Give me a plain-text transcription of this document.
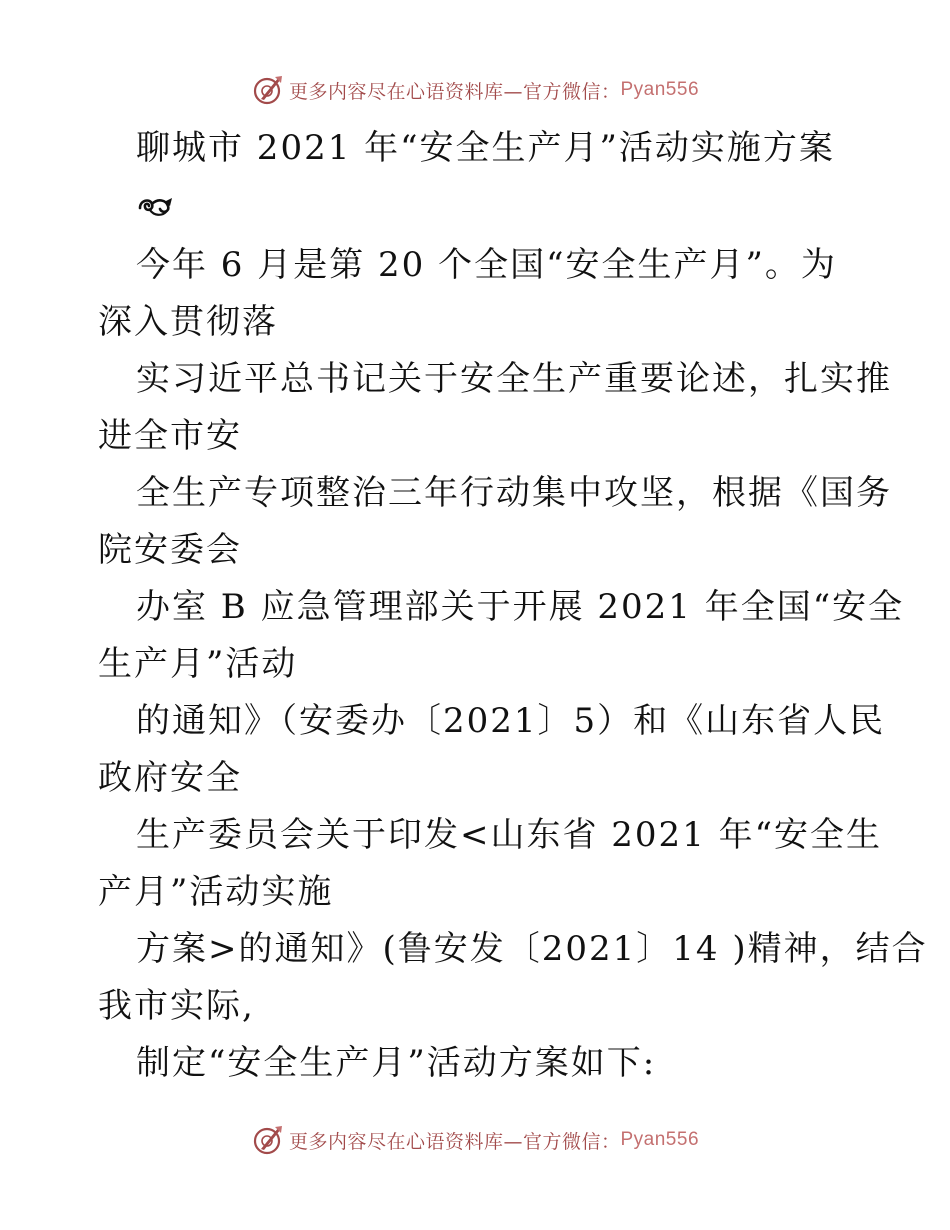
更多内容尽在心语资料库—官方微信： Pyan556
聊城市 2021 年“安全生产月”活动实施方案
今年 6 月是第 20 个全国“安全生产月”。为
深入贯彻落
实习近平总书记关于安全生产重要论述，扎实推
进全市安
全生产专项整治三年行动集中攻坚，根据《国务
院安委会
办室 B 应急管理部关于开展 2021 年全国“安全
生产月”活动
的通知》（安委办〔2021〕5）和《山东省人民
政府安全
生产委员会关于印发<山东省 2021 年“安全生
产月”活动实施
方案>的通知》(鲁安发〔2021〕14 )精神，结合
我市实际,
制定“安全生产月”活动方案如下:
更多内容尽在心语资料库—官方微信： Pyan556
